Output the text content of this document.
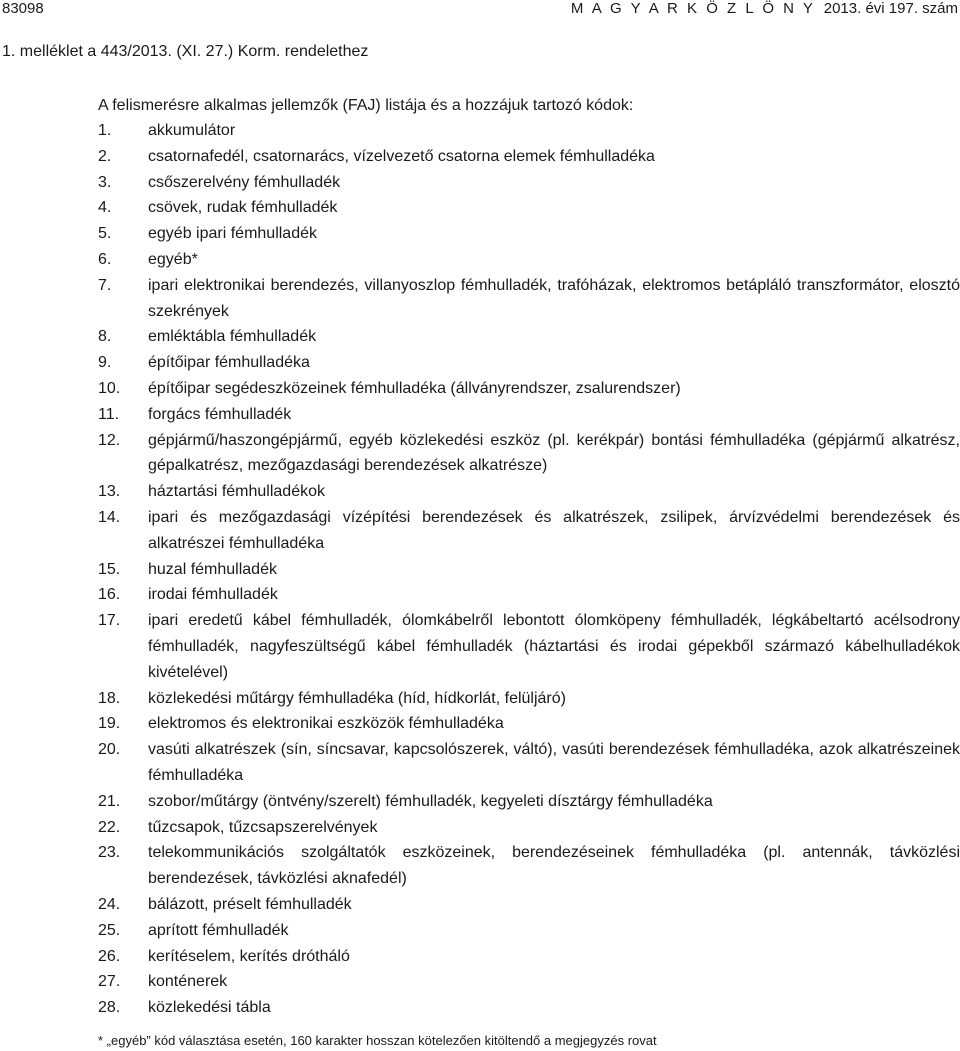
83098	M A G Y A R K Ö Z L Ö N Y 2013. évi 197. szám
1. melléklet a 443/2013. (XI. 27.) Korm. rendelethez
A felismerésre alkalmas jellemzők (FAJ) listája és a hozzájuk tartozó kódok:
1. akkumulátor
2. csatornafedél, csatornarács, vízelvezető csatorna elemek fémhulladéka
3. csőszerelvény fémhulladék
4. csövek, rudak fémhulladék
5. egyéb ipari fémhulladék
6. egyéb*
7. ipari elektronikai berendezés, villanyoszlop fémhulladék, trafóházak, elektromos betápláló transzformátor, elosztó szekrények
8. emléktábla fémhulladék
9. építőipar fémhulladéka
10. építőipar segédeszközeinek fémhulladéka (állványrendszer, zsalurendszer)
11. forgács fémhulladék
12. gépjármű/haszongépjármű, egyéb közlekedési eszköz (pl. kerékpár) bontási fémhulladéka (gépjármű alkatrész, gépalkatrész, mezőgazdasági berendezések alkatrésze)
13. háztartási fémhulladékok
14. ipari és mezőgazdasági vízépítési berendezések és alkatrészek, zsilipek, árvízvédelmi berendezések és alkatrészei fémhulladéka
15. huzal fémhulladék
16. irodai fémhulladék
17. ipari eredetű kábel fémhulladék, ólomkábelről lebontott ólomköpeny fémhulladék, légkábeltartó acélsodrony fémhulladék, nagyfeszültségű kábel fémhulladék (háztartási és irodai gépekből származó kábelhulladékok kivételével)
18. közlekedési műtárgy fémhulladéka (híd, hídkorlát, felüljáró)
19. elektromos és elektronikai eszközök fémhulladéka
20. vasúti alkatrészek (sín, síncsavar, kapcsolószerek, váltó), vasúti berendezések fémhulladéka, azok alkatrészeinek fémhulladéka
21. szobor/műtárgy (öntvény/szerelt) fémhulladék, kegyeleti dísztárgy fémhulladéka
22. tűzcsapok, tűzcsapszerelvények
23. telekommunikációs szolgáltatók eszközeinek, berendezéseinek fémhulladéka (pl. antennák, távközlési berendezések, távközlési aknafedél)
24. bálázott, préselt fémhulladék
25. aprított fémhulladék
26. kerítéselem, kerítés drótháló
27. konténerek
28. közlekedési tábla
* „egyéb” kód választása esetén, 160 karakter hosszan kötelezően kitöltendő a megjegyzés rovat
